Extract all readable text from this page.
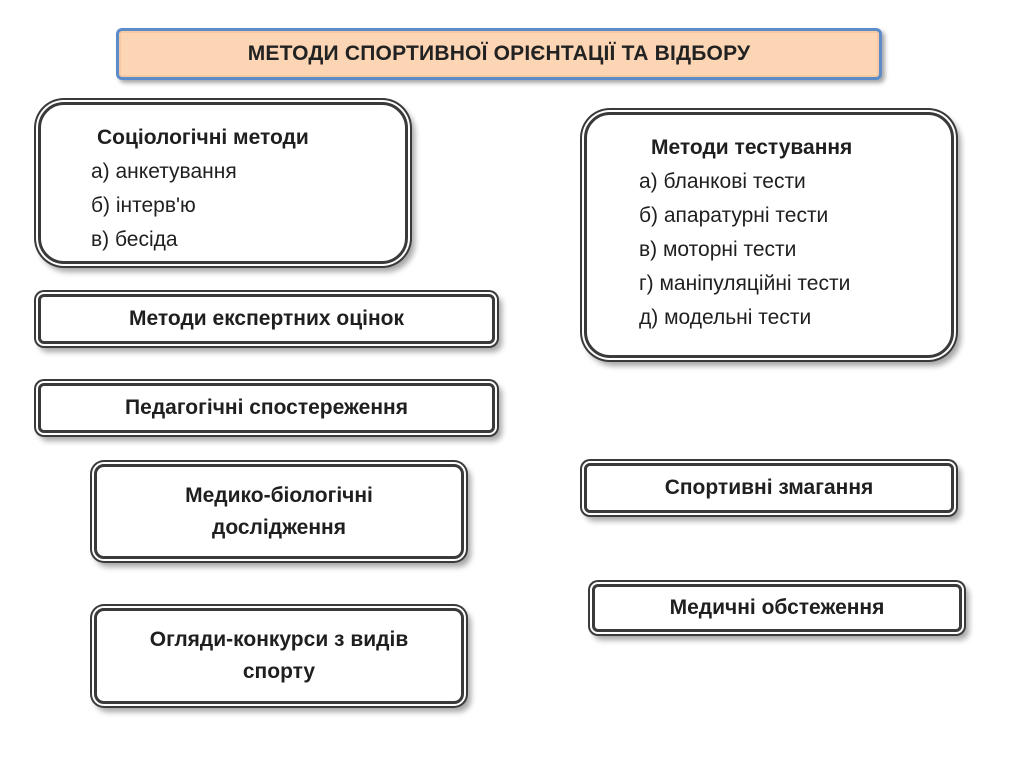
МЕТОДИ СПОРТИВНОЇ ОРІЄНТАЦІЇ ТА ВІДБОРУ
Соціологічні методи
а) анкетування
б) інтерв'ю
в) бесіда
Методи тестування
а) бланкові тести
б) апаратурні тести
в) моторні тести
г) маніпуляційні тести
д) модельні тести
Методи експертних оцінок
Педагогічні спостереження
Медико-біологічні
дослідження
Огляди-конкурси з видів
спорту
Спортивні змагання
Медичні обстеження
